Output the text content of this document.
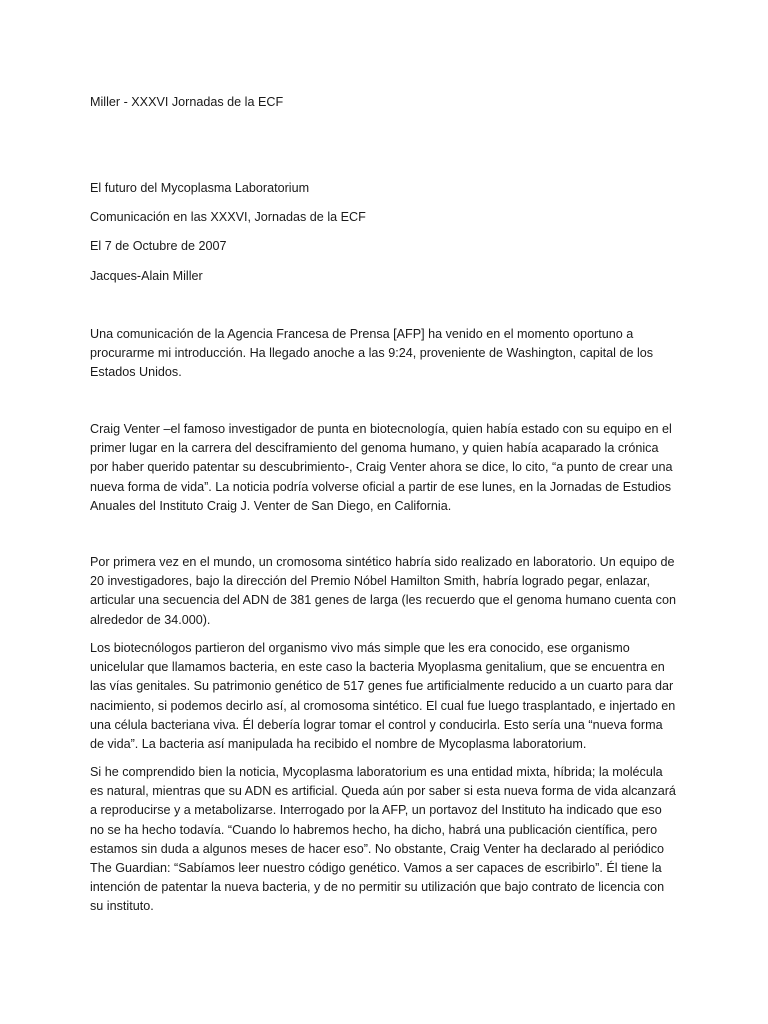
Miller - XXXVI Jornadas de la ECF

El futuro del Mycoplasma Laboratorium

Comunicación en las XXXVI, Jornadas de la ECF

El 7 de Octubre de 2007

Jacques-Alain Miller

Una comunicación de la Agencia Francesa de Prensa [AFP] ha venido en el momento oportuno a procurarme mi introducción. Ha llegado anoche a las 9:24, proveniente de Washington, capital de los Estados Unidos.

Craig Venter –el famoso investigador de punta en biotecnología, quien había estado con su equipo en el primer lugar en la carrera del desciframiento del genoma humano, y quien había acaparado la crónica por haber querido patentar su descubrimiento-, Craig Venter ahora se dice, lo cito, “a punto de crear una nueva forma de vida”. La noticia podría volverse oficial a partir de ese lunes, en la Jornadas de Estudios Anuales del Instituto Craig J. Venter de San Diego, en California.

Por primera vez en el mundo, un cromosoma sintético habría sido realizado en laboratorio. Un equipo de 20 investigadores, bajo la dirección del Premio Nóbel Hamilton Smith, habría logrado pegar, enlazar, articular una secuencia del ADN de 381 genes de larga (les recuerdo que el genoma humano cuenta con alrededor de 34.000).

Los biotecnólogos partieron del organismo vivo más simple que les era conocido, ese organismo unicelular que llamamos bacteria, en este caso la bacteria Myoplasma genitalium, que se encuentra en las vías genitales. Su patrimonio genético de 517 genes fue artificialmente reducido a un cuarto para dar nacimiento, si podemos decirlo así, al cromosoma sintético. El cual fue luego trasplantado, e injertado en una célula bacteriana viva. Él debería lograr tomar el control y conducirla. Esto sería una “nueva forma de vida”. La bacteria así manipulada ha recibido el nombre de Mycoplasma laboratorium.

Si he comprendido bien la noticia, Mycoplasma laboratorium es una entidad mixta, híbrida; la molécula es natural, mientras que su ADN es artificial. Queda aún por saber si esta nueva forma de vida alcanzará a reproducirse y a metabolizarse. Interrogado por la AFP, un portavoz del Instituto ha indicado que eso no se ha hecho todavía. “Cuando lo habremos hecho, ha dicho, habrá una publicación científica, pero estamos sin duda a algunos meses de hacer eso”. No obstante, Craig Venter ha declarado al periódico The Guardian: “Sabíamos leer nuestro código genético. Vamos a ser capaces de escribirlo”. Él tiene la intención de patentar la nueva bacteria, y de no permitir su utilización que bajo contrato de licencia con su instituto.
